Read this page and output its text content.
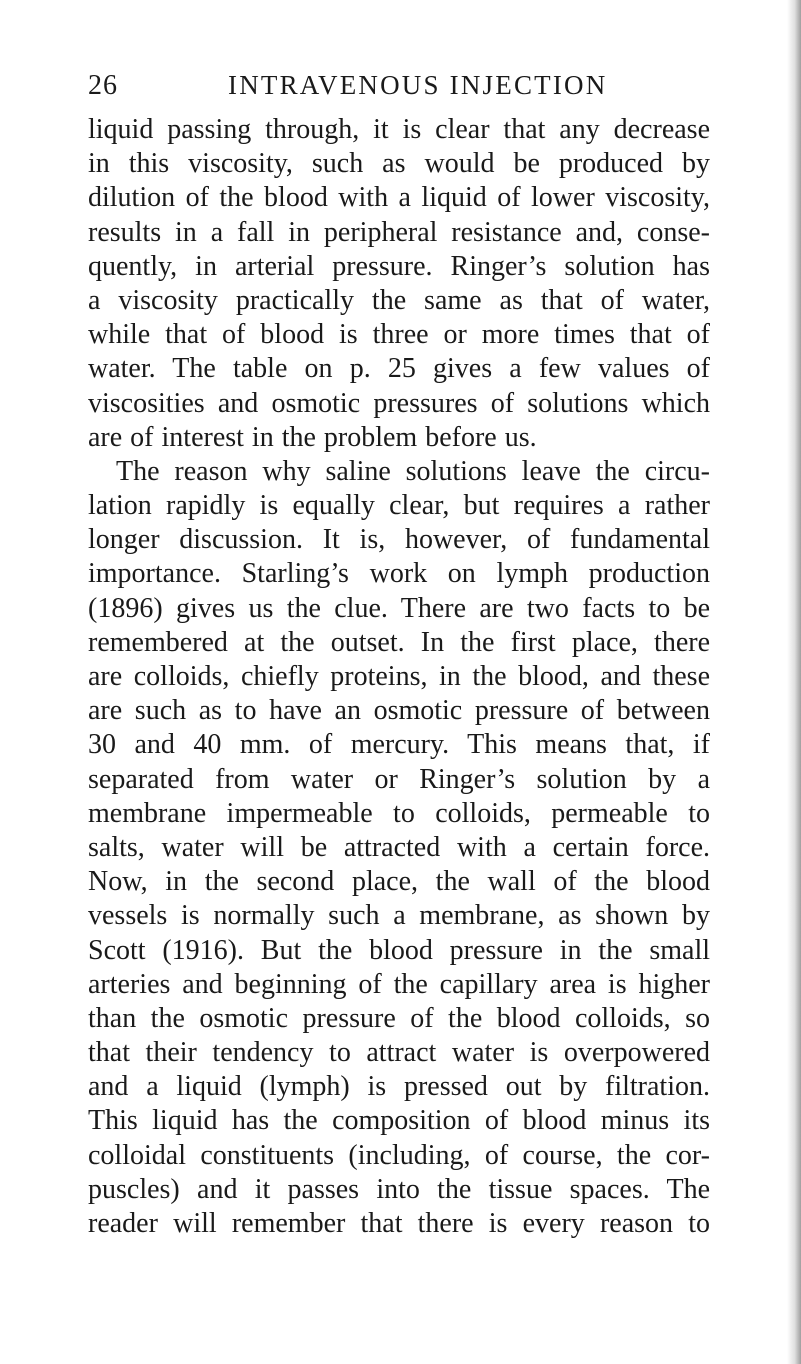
26	INTRAVENOUS INJECTION
liquid passing through, it is clear that any decrease
in this viscosity, such as would be produced by
dilution of the blood with a liquid of lower viscosity,
results in a fall in peripheral resistance and, conse-
quently, in arterial pressure. Ringer’s solution has
a viscosity practically the same as that of water,
while that of blood is three or more times that of
water. The table on p. 25 gives a few values of
viscosities and osmotic pressures of solutions which
are of interest in the problem before us.
The reason why saline solutions leave the circu-
lation rapidly is equally clear, but requires a rather
longer discussion. It is, however, of fundamental
importance. Starling’s work on lymph production
(1896) gives us the clue. There are two facts to be
remembered at the outset. In the first place, there
are colloids, chiefly proteins, in the blood, and these
are such as to have an osmotic pressure of between
30 and 40 mm. of mercury. This means that, if
separated from water or Ringer’s solution by a
membrane impermeable to colloids, permeable to
salts, water will be attracted with a certain force.
Now, in the second place, the wall of the blood
vessels is normally such a membrane, as shown by
Scott (1916). But the blood pressure in the small
arteries and beginning of the capillary area is higher
than the osmotic pressure of the blood colloids, so
that their tendency to attract water is overpowered
and a liquid (lymph) is pressed out by filtration.
This liquid has the composition of blood minus its
colloidal constituents (including, of course, the cor-
puscles) and it passes into the tissue spaces. The
reader will remember that there is every reason to
